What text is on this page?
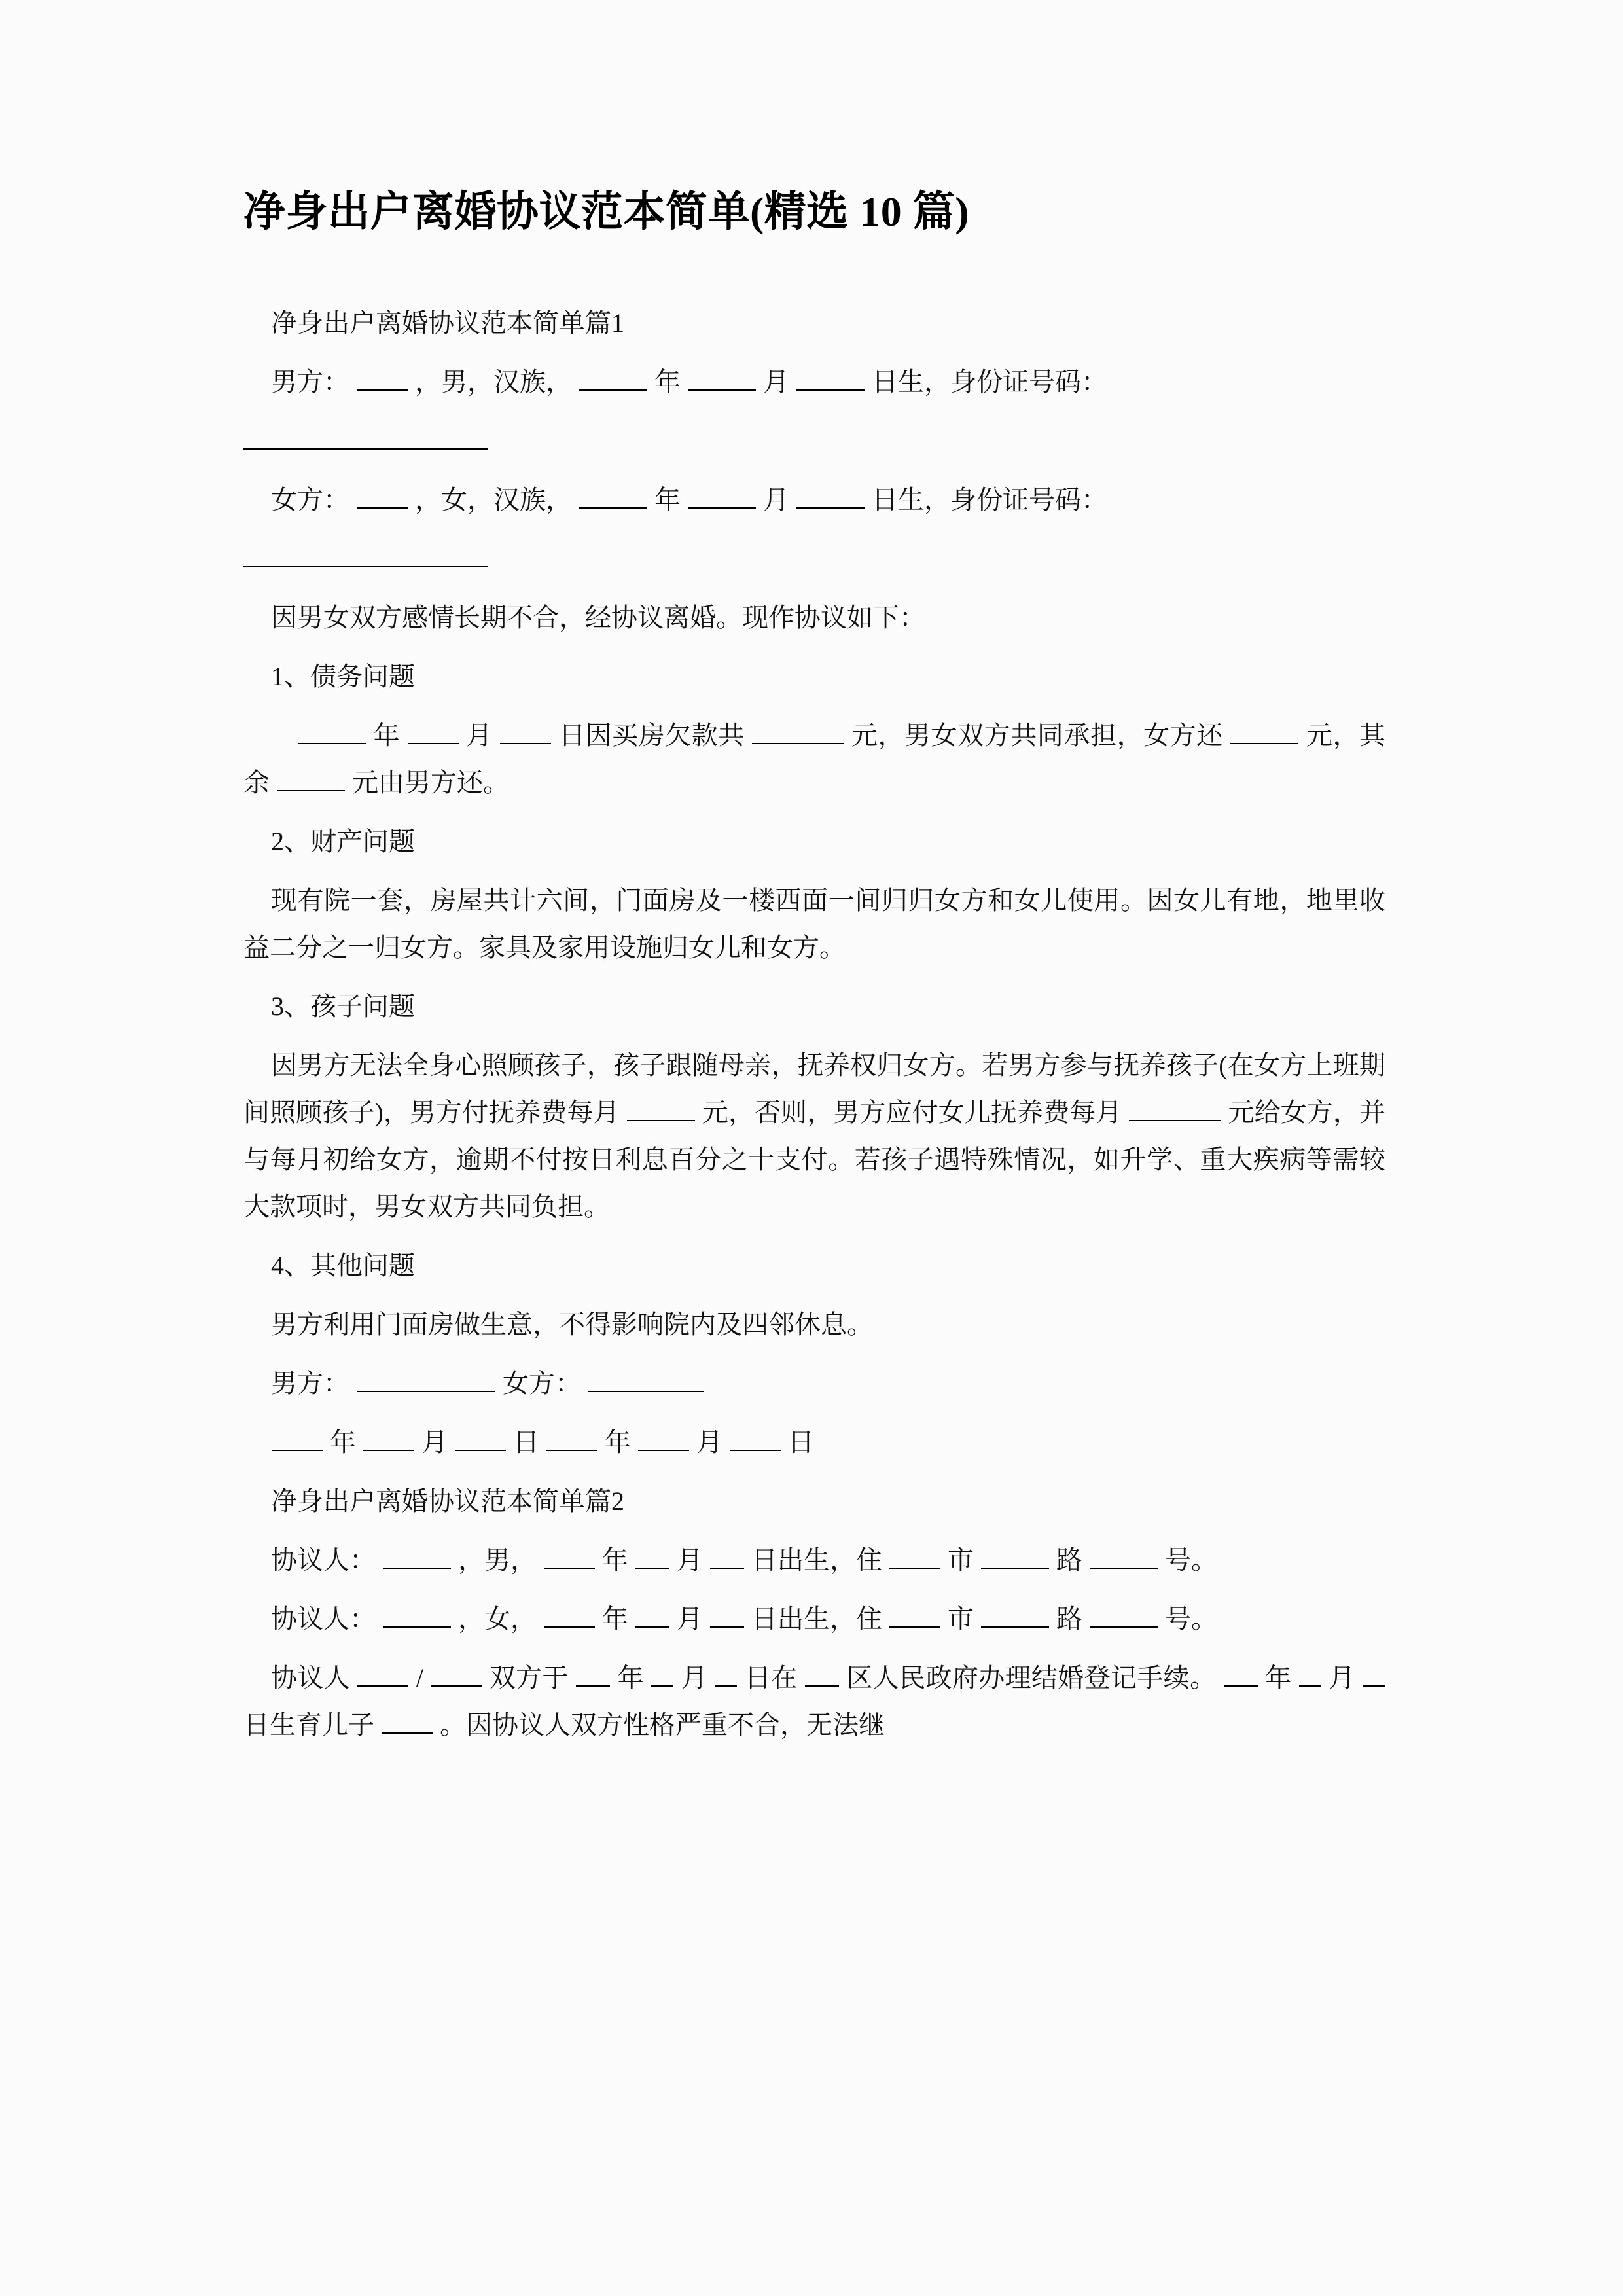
净身出户离婚协议范本简单(精选 10 篇)

净身出户离婚协议范本简单篇1

男方：	，男，汉族，	年	月	日生，身份证号码：

女方：	，女，汉族，	年	月	日生，身份证号码：

因男女双方感情长期不合，经协议离婚。现作协议如下：

1、债务问题

年	月	日因买房欠款共	元，男女双方共同承担，女方还	元，其余	元由男方还。

2、财产问题

现有院一套，房屋共计六间，门面房及一楼西面一间归归女方和女儿使用。因女儿有地，地里收益二分之一归女方。家具及家用设施归女儿和女方。

3、孩子问题

因男方无法全身心照顾孩子，孩子跟随母亲，抚养权归女方。若男方参与抚养孩子(在女方上班期间照顾孩子)，男方付抚养费每月	元，否则，男方应付女儿抚养费每月	元给女方，并与每月初给女方，逾期不付按日利息百分之十支付。若孩子遇特殊情况，如升学、重大疾病等需较大款项时，男女双方共同负担。

4、其他问题

男方利用门面房做生意，不得影响院内及四邻休息。

男方：	女方：

年	月	日	年	月	日

净身出户离婚协议范本简单篇2

协议人：	，男，	年 月 日出生，住	市	路	号。

协议人：	，女，	年 月 日出生，住	市	路	号。

协议人	/	双方于 年 月 日在 区人民政府办理结婚登记手续。 年 月  日生育儿子	。因协议人双方性格严重不合，无法继
